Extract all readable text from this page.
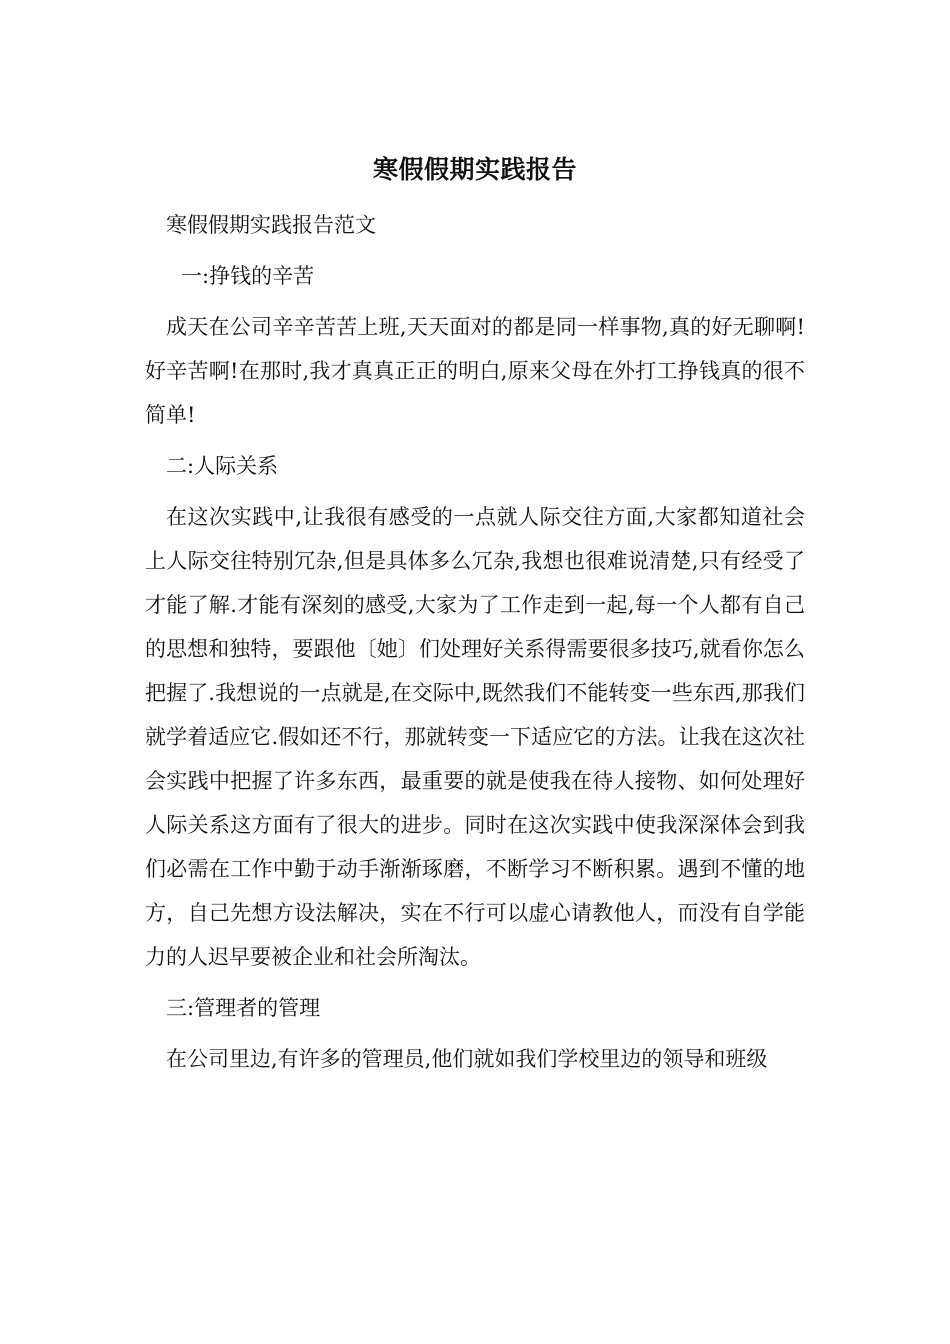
寒假假期实践报告

寒假假期实践报告范文

一:挣钱的辛苦

成天在公司辛辛苦苦上班,天天面对的都是同一样事物,真的好无聊啊!好辛苦啊!在那时,我才真真正正的明白,原来父母在外打工挣钱真的很不简单!

二:人际关系

在这次实践中,让我很有感受的一点就人际交往方面,大家都知道社会上人际交往特别冗杂,但是具体多么冗杂,我想也很难说清楚,只有经受了才能了解.才能有深刻的感受,大家为了工作走到一起,每一个人都有自己的思想和独特，要跟他〔她〕们处理好关系得需要很多技巧,就看你怎么把握了.我想说的一点就是,在交际中,既然我们不能转变一些东西,那我们就学着适应它.假如还不行，那就转变一下适应它的方法。让我在这次社会实践中把握了许多东西，最重要的就是使我在待人接物、如何处理好人际关系这方面有了很大的进步。同时在这次实践中使我深深体会到我们必需在工作中勤于动手渐渐琢磨，不断学习不断积累。遇到不懂的地方，自己先想方设法解决，实在不行可以虚心请教他人，而没有自学能力的人迟早要被企业和社会所淘汰。

三:管理者的管理

在公司里边,有许多的管理员,他们就如我们学校里边的领导和班级
